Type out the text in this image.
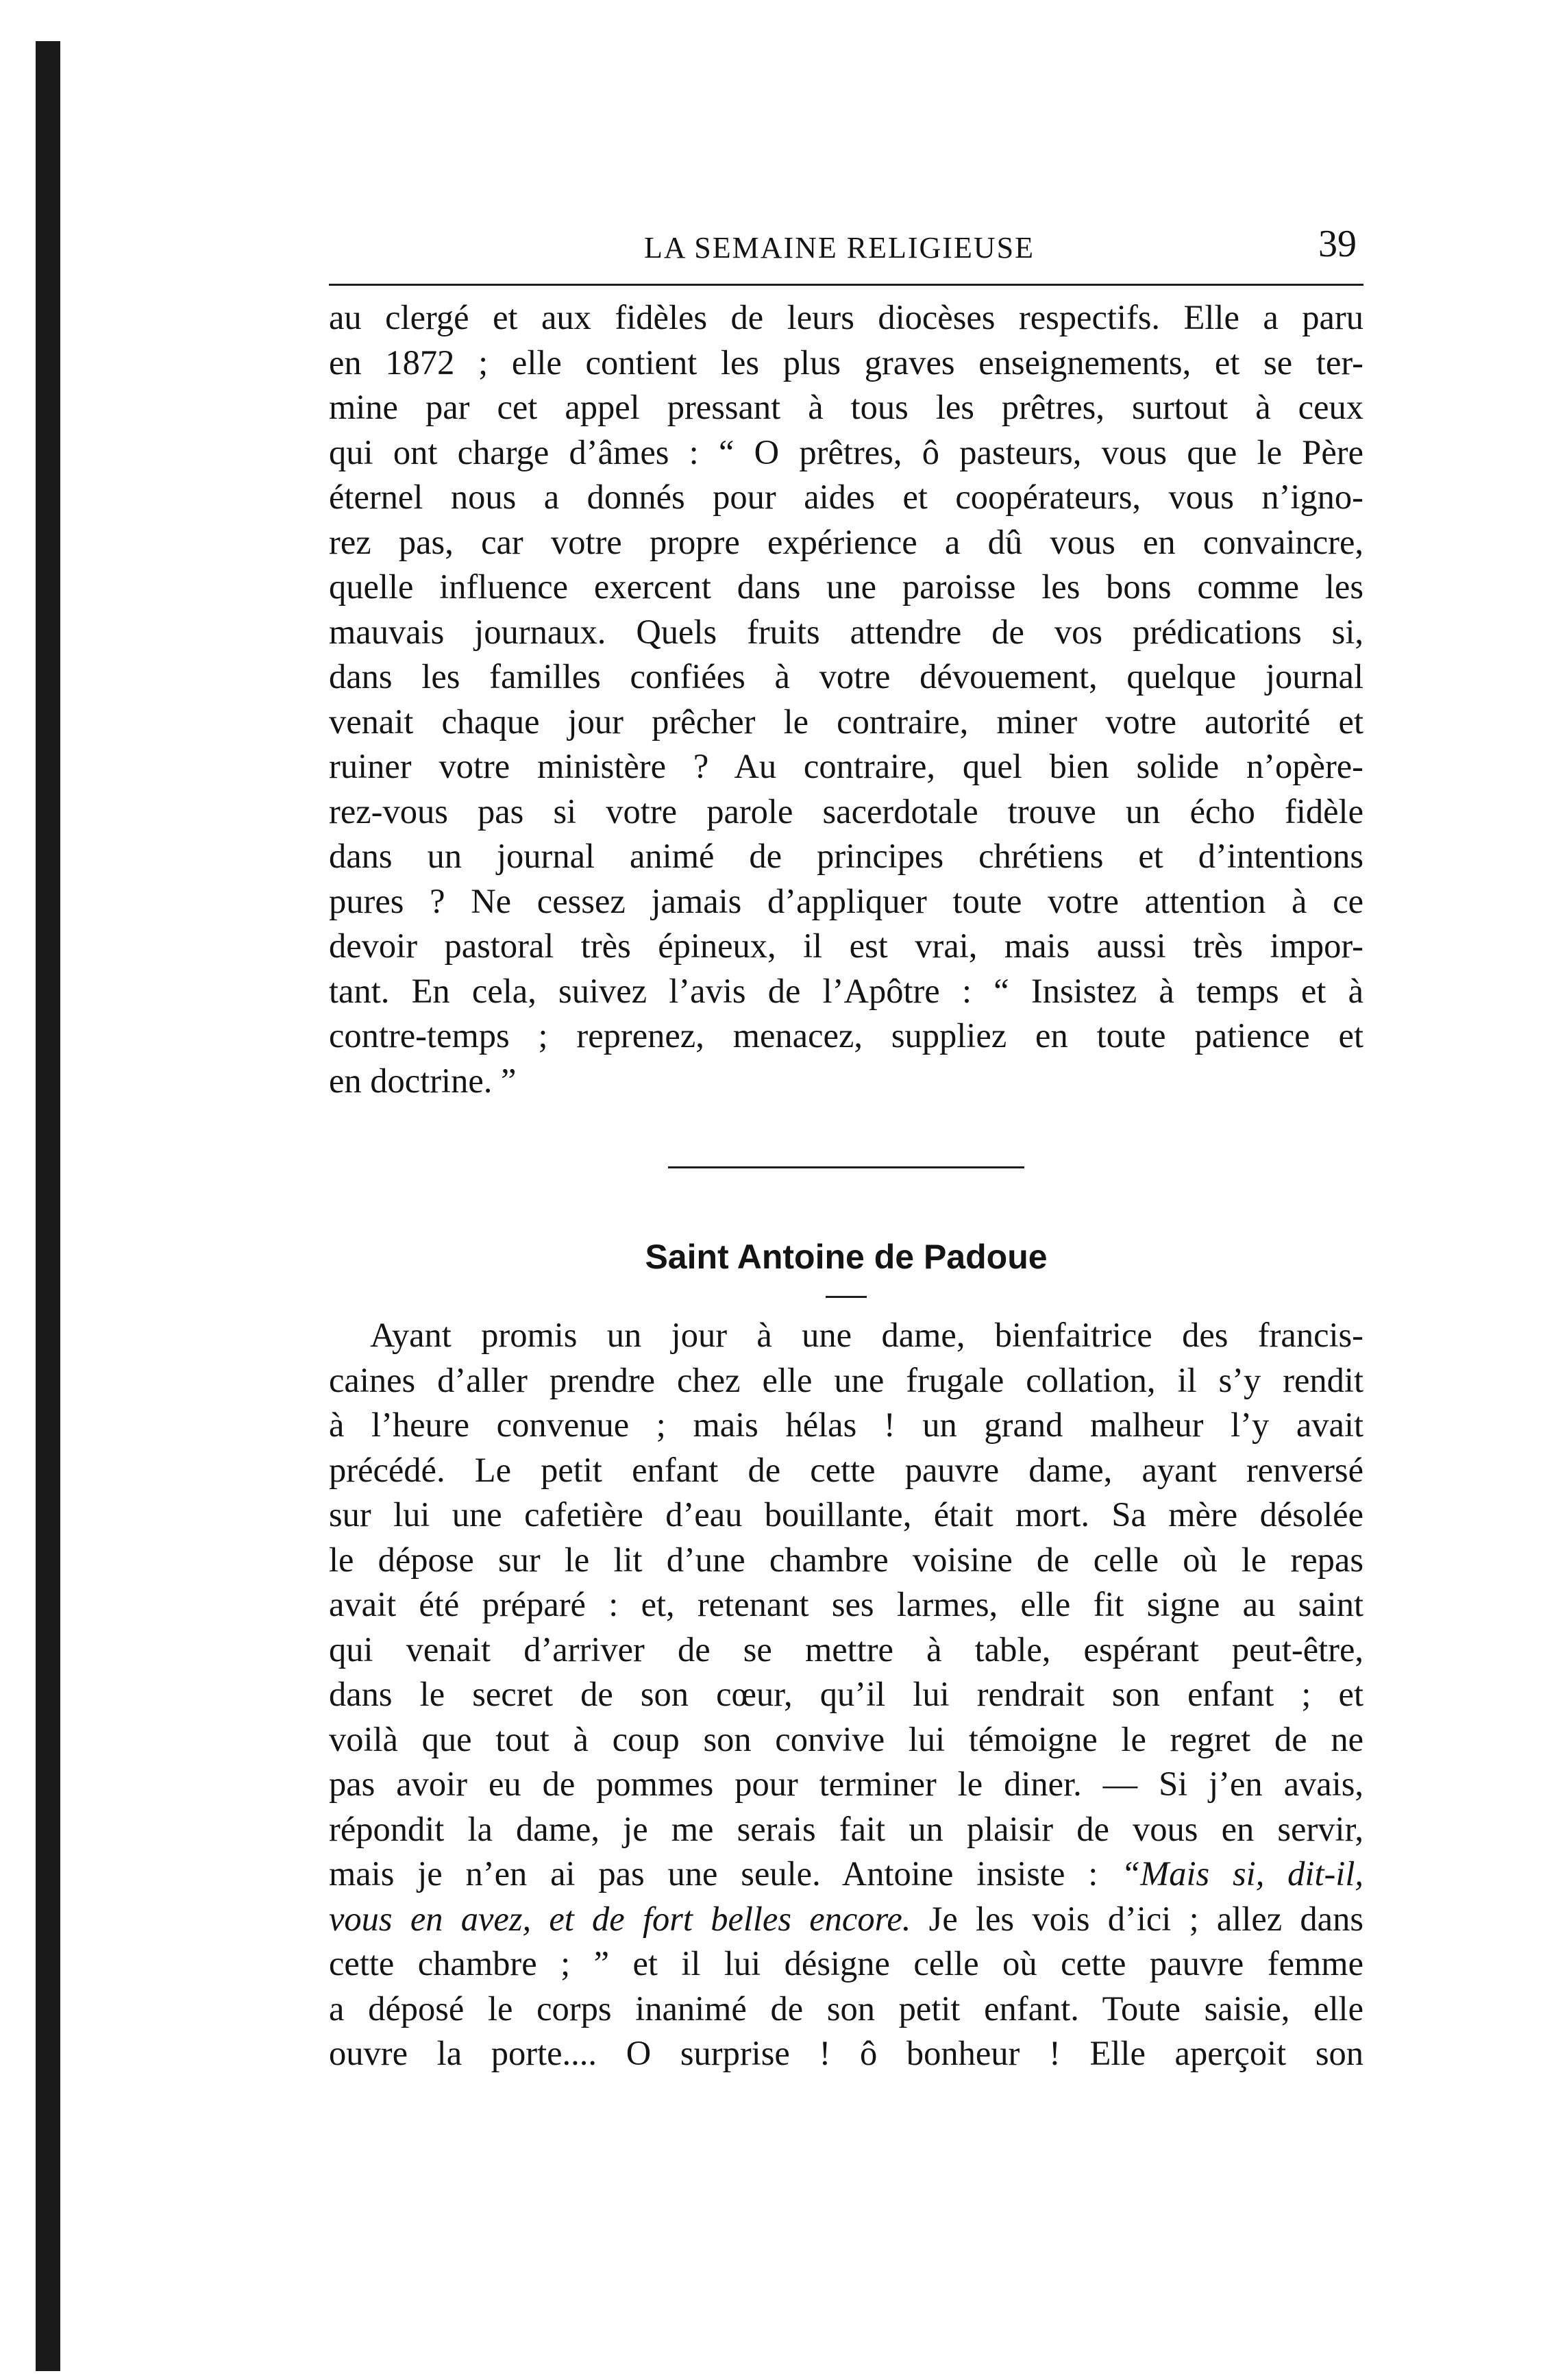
LA SEMAINE RELIGIEUSE	39

au clergé et aux fidèles de leurs diocèses respectifs. Elle a paru
en 1872 ; elle contient les plus graves enseignements, et se ter-
mine par cet appel pressant à tous les prêtres, surtout à ceux
qui ont charge d’âmes : “ O prêtres, ô pasteurs, vous que le Père
éternel nous a donnés pour aides et coopérateurs, vous n’igno-
rez pas, car votre propre expérience a dû vous en convaincre,
quelle influence exercent dans une paroisse les bons comme les
mauvais journaux. Quels fruits attendre de vos prédications si,
dans les familles confiées à votre dévouement, quelque journal
venait chaque jour prêcher le contraire, miner votre autorité et
ruiner votre ministère ? Au contraire, quel bien solide n’opère-
rez-vous pas si votre parole sacerdotale trouve un écho fidèle
dans un journal animé de principes chrétiens et d’intentions
pures ? Ne cessez jamais d’appliquer toute votre attention à ce
devoir pastoral très épineux, il est vrai, mais aussi très impor-
tant. En cela, suivez l’avis de l’Apôtre : “ Insistez à temps et à
contre-temps ; reprenez, menacez, suppliez en toute patience et
en doctrine. ”

Saint Antoine de Padoue

Ayant promis un jour à une dame, bienfaitrice des francis-
caines d’aller prendre chez elle une frugale collation, il s’y rendit
à l’heure convenue ; mais hélas ! un grand malheur l’y avait
précédé. Le petit enfant de cette pauvre dame, ayant renversé
sur lui une cafetière d’eau bouillante, était mort. Sa mère désolée
le dépose sur le lit d’une chambre voisine de celle où le repas
avait été préparé : et, retenant ses larmes, elle fit signe au saint
qui venait d’arriver de se mettre à table, espérant peut-être,
dans le secret de son cœur, qu’il lui rendrait son enfant ; et
voilà que tout à coup son convive lui témoigne le regret de ne
pas avoir eu de pommes pour terminer le diner. — Si j’en avais,
répondit la dame, je me serais fait un plaisir de vous en servir,
mais je n’en ai pas une seule. Antoine insiste : “Mais si, dit-il,
vous en avez, et de fort belles encore. Je les vois d’ici ; allez dans
cette chambre ; ” et il lui désigne celle où cette pauvre femme
a déposé le corps inanimé de son petit enfant. Toute saisie, elle
ouvre la porte.... O surprise ! ô bonheur ! Elle aperçoit son
